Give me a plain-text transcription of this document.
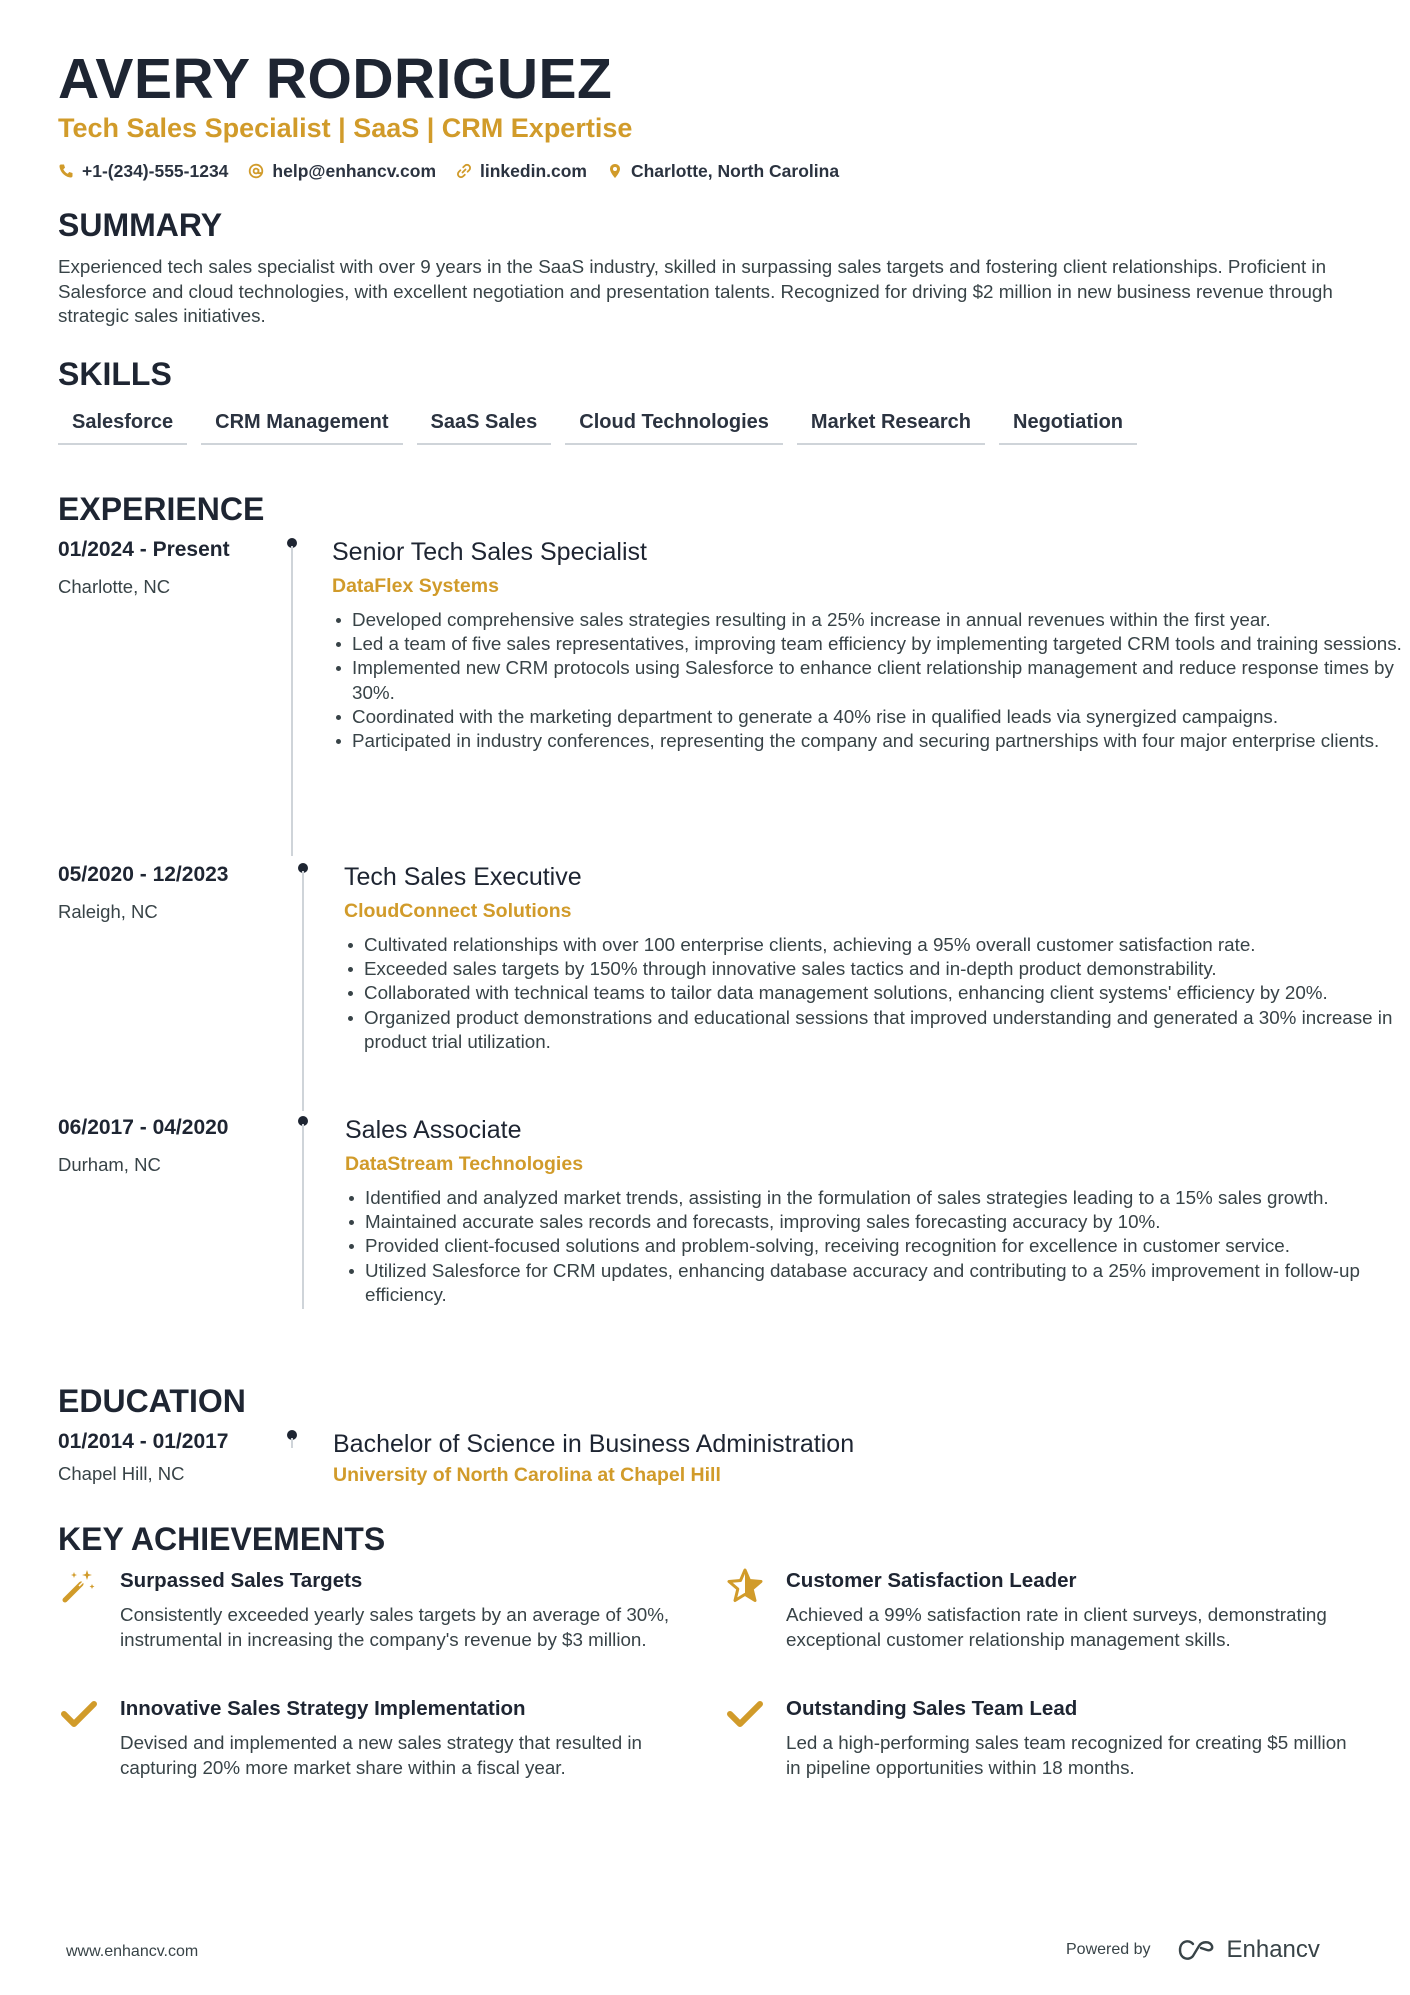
AVERY RODRIGUEZ
Tech Sales Specialist | SaaS | CRM Expertise
+1-(234)-555-1234	help@enhancv.com	linkedin.com	Charlotte, North Carolina
SUMMARY
Experienced tech sales specialist with over 9 years in the SaaS industry, skilled in surpassing sales targets and fostering client relationships. Proficient in Salesforce and cloud technologies, with excellent negotiation and presentation talents. Recognized for driving $2 million in new business revenue through strategic sales initiatives.
SKILLS
Salesforce	CRM Management	SaaS Sales	Cloud Technologies	Market Research	Negotiation
EXPERIENCE
01/2024 - Present
Charlotte, NC
Senior Tech Sales Specialist
DataFlex Systems
Developed comprehensive sales strategies resulting in a 25% increase in annual revenues within the first year.
Led a team of five sales representatives, improving team efficiency by implementing targeted CRM tools and training sessions.
Implemented new CRM protocols using Salesforce to enhance client relationship management and reduce response times by 30%.
Coordinated with the marketing department to generate a 40% rise in qualified leads via synergized campaigns.
Participated in industry conferences, representing the company and securing partnerships with four major enterprise clients.
05/2020 - 12/2023
Raleigh, NC
Tech Sales Executive
CloudConnect Solutions
Cultivated relationships with over 100 enterprise clients, achieving a 95% overall customer satisfaction rate.
Exceeded sales targets by 150% through innovative sales tactics and in-depth product demonstrability.
Collaborated with technical teams to tailor data management solutions, enhancing client systems' efficiency by 20%.
Organized product demonstrations and educational sessions that improved understanding and generated a 30% increase in product trial utilization.
06/2017 - 04/2020
Durham, NC
Sales Associate
DataStream Technologies
Identified and analyzed market trends, assisting in the formulation of sales strategies leading to a 15% sales growth.
Maintained accurate sales records and forecasts, improving sales forecasting accuracy by 10%.
Provided client-focused solutions and problem-solving, receiving recognition for excellence in customer service.
Utilized Salesforce for CRM updates, enhancing database accuracy and contributing to a 25% improvement in follow-up efficiency.
EDUCATION
01/2014 - 01/2017
Chapel Hill, NC
Bachelor of Science in Business Administration
University of North Carolina at Chapel Hill
KEY ACHIEVEMENTS
Surpassed Sales Targets
Consistently exceeded yearly sales targets by an average of 30%, instrumental in increasing the company's revenue by $3 million.
Customer Satisfaction Leader
Achieved a 99% satisfaction rate in client surveys, demonstrating exceptional customer relationship management skills.
Innovative Sales Strategy Implementation
Devised and implemented a new sales strategy that resulted in capturing 20% more market share within a fiscal year.
Outstanding Sales Team Lead
Led a high-performing sales team recognized for creating $5 million in pipeline opportunities within 18 months.
www.enhancv.com	Powered by	Enhancv
